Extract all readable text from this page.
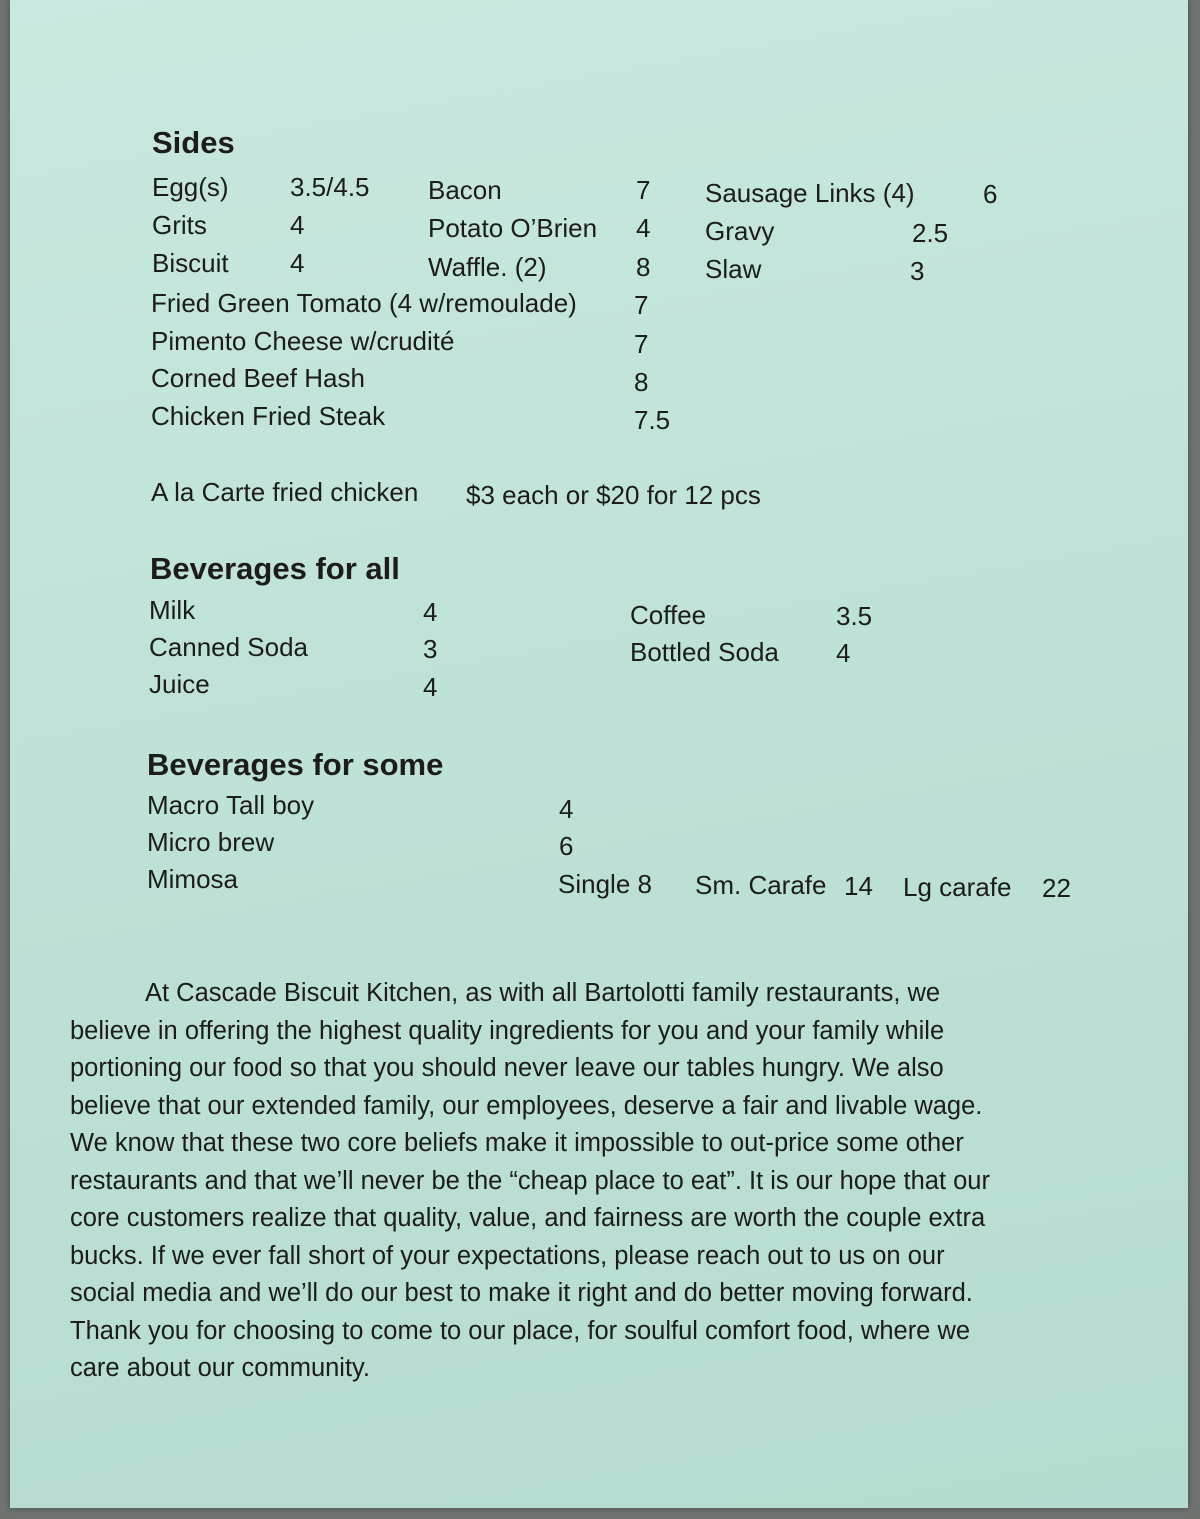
Sides
Egg(s) 3.5/4.5
Grits	4
Biscuit 4
Bacon	7
Potato O’Brien 4
Waffle. (2)	8
Sausage Links (4)	6
Gravy	2.5
Slaw	3
Fried Green Tomato (4 w/remoulade) 7
Pimento Cheese w/crudité	7
Corned Beef Hash	8
Chicken Fried Steak	7.5
A la Carte fried chicken $3 each or $20 for 12 pcs
Beverages for all
Milk	4
Canned Soda	3
Juice	4
Coffee	3.5
Bottled Soda 4
Beverages for some
Macro Tall boy	4
Micro brew	6
Mimosa	Single 8 Sm. Carafe 14 Lg carafe 22

At Cascade Biscuit Kitchen, as with all Bartolotti family restaurants, we
believe in offering the highest quality ingredients for you and your family while
portioning our food so that you should never leave our tables hungry. We also
believe that our extended family, our employees, deserve a fair and livable wage.
We know that these two core beliefs make it impossible to out-price some other
restaurants and that we’ll never be the “cheap place to eat”. It is our hope that our
core customers realize that quality, value, and fairness are worth the couple extra
bucks. If we ever fall short of your expectations, please reach out to us on our
social media and we’ll do our best to make it right and do better moving forward.
Thank you for choosing to come to our place, for soulful comfort food, where we
care about our community.
